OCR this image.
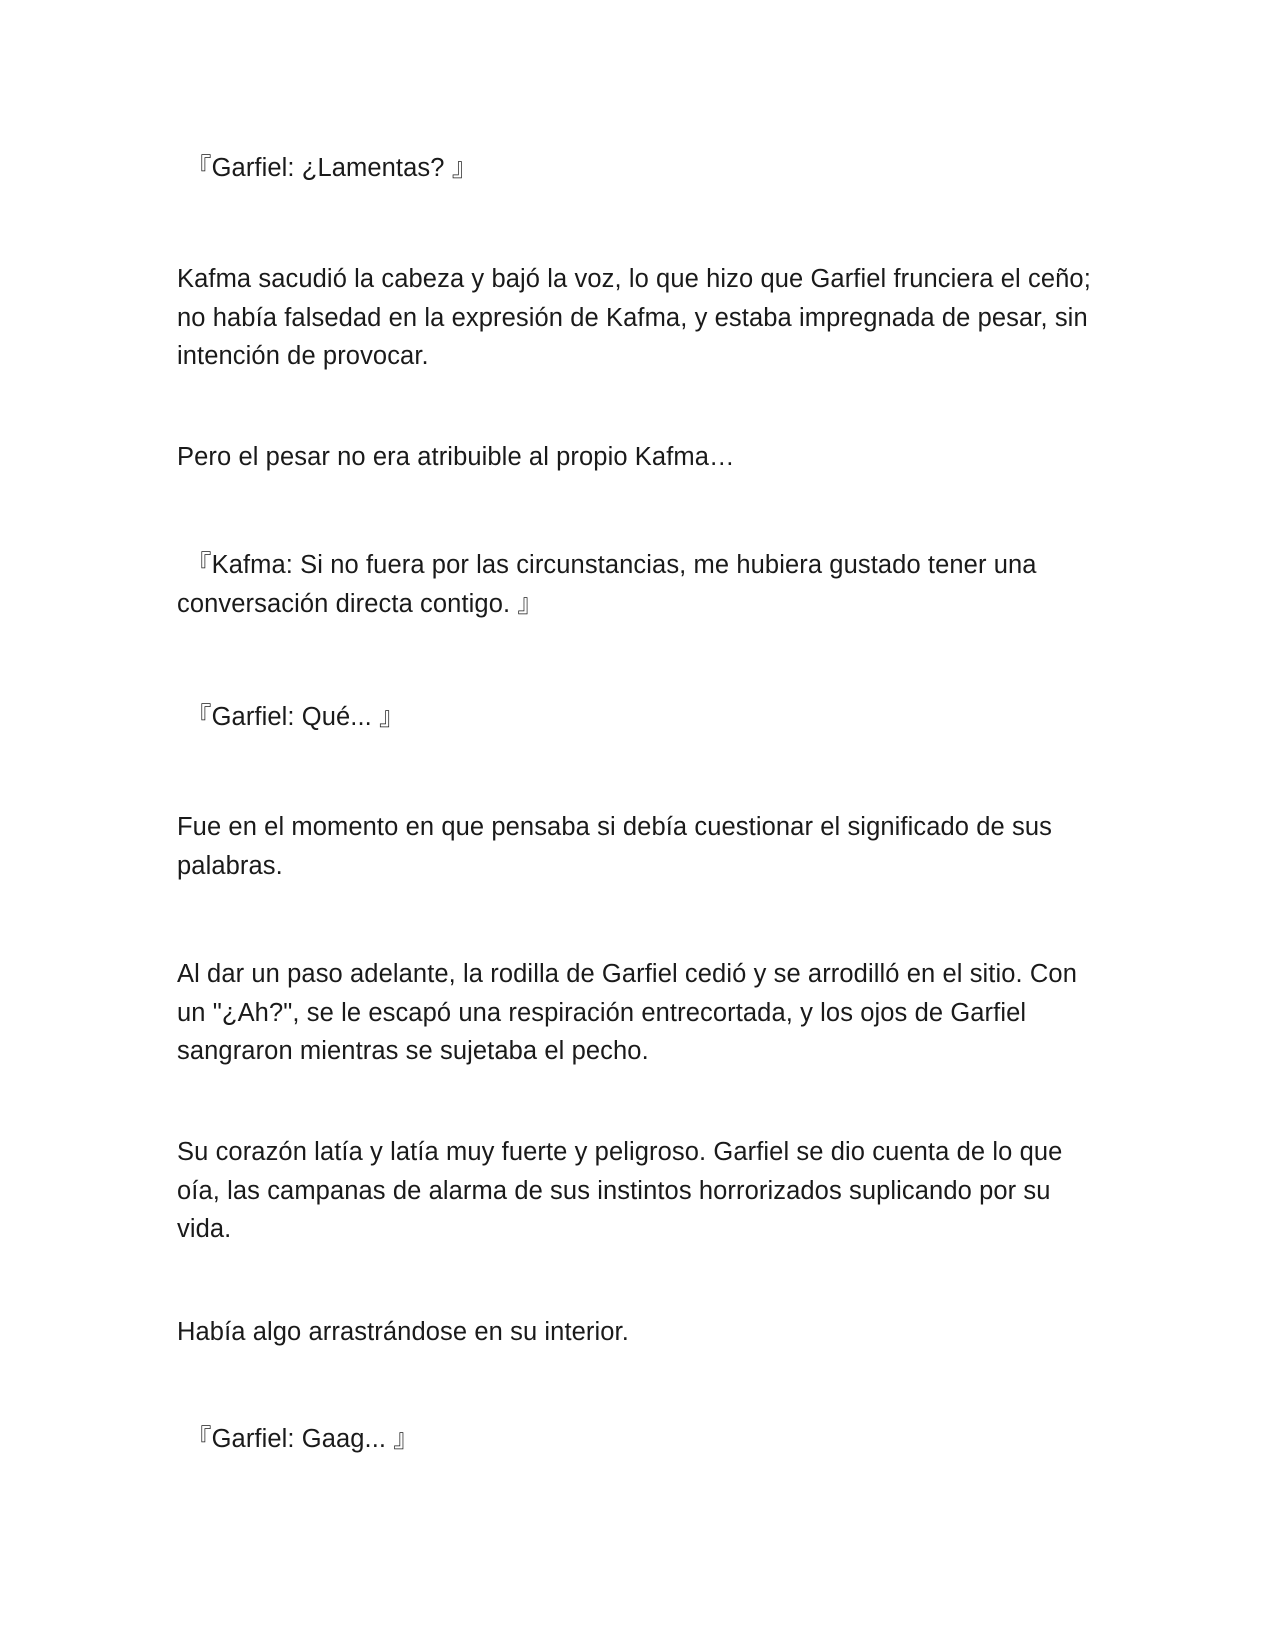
『Garfiel: ¿Lamentas? 』

Kafma sacudió la cabeza y bajó la voz, lo que hizo que Garfiel frunciera el ceño; no había falsedad en la expresión de Kafma, y estaba impregnada de pesar, sin intención de provocar.

Pero el pesar no era atribuible al propio Kafma…

『Kafma: Si no fuera por las circunstancias, me hubiera gustado tener una conversación directa contigo. 』

『Garfiel: Qué... 』

Fue en el momento en que pensaba si debía cuestionar el significado de sus palabras.

Al dar un paso adelante, la rodilla de Garfiel cedió y se arrodilló en el sitio. Con un "¿Ah?", se le escapó una respiración entrecortada, y los ojos de Garfiel sangraron mientras se sujetaba el pecho.

Su corazón latía y latía muy fuerte y peligroso. Garfiel se dio cuenta de lo que oía, las campanas de alarma de sus instintos horrorizados suplicando por su vida.

Había algo arrastrándose en su interior.

『Garfiel: Gaag... 』
